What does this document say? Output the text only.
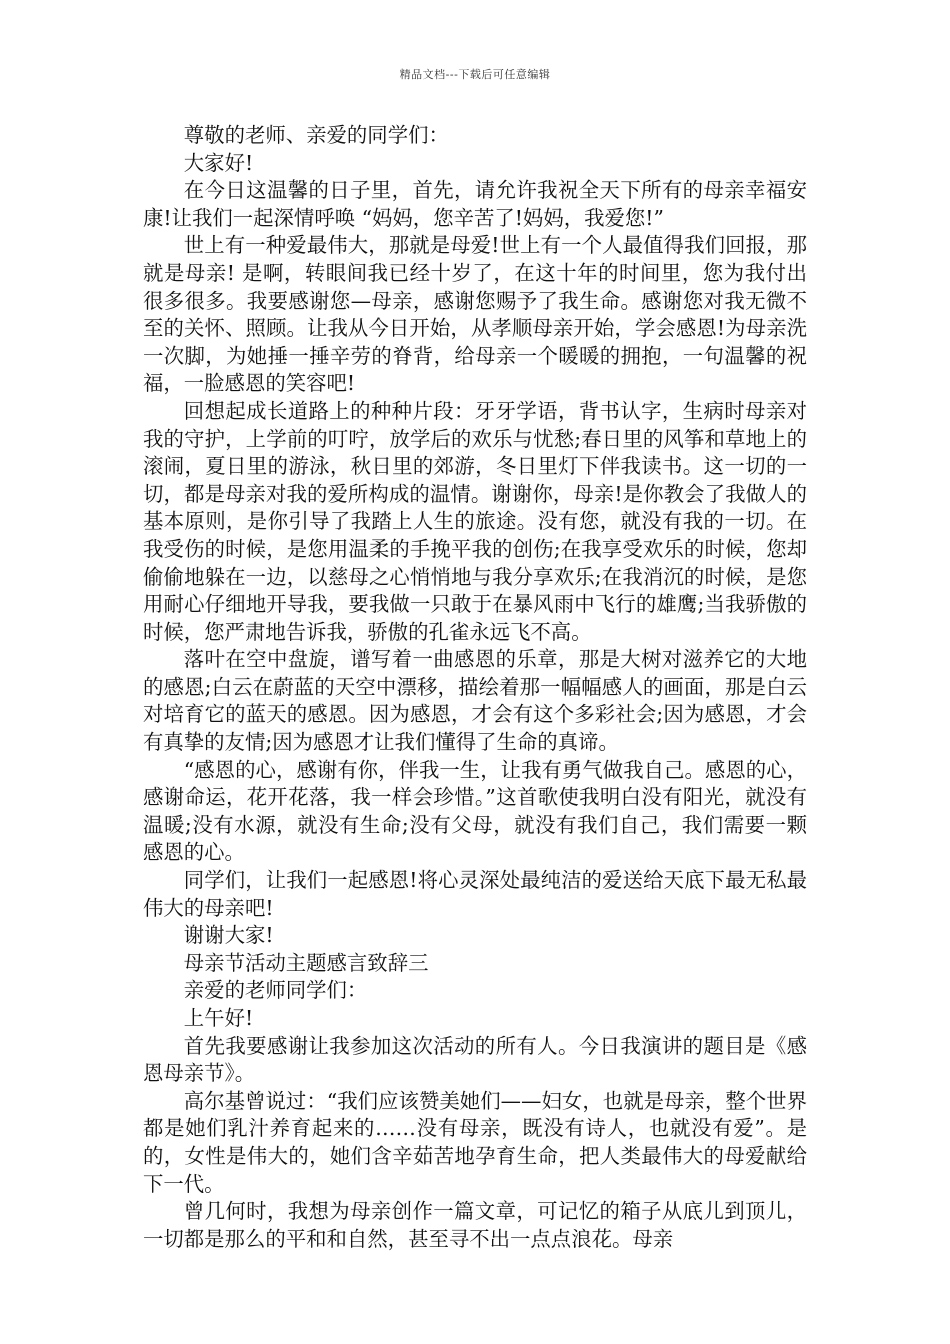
精品文档---下载后可任意编辑

尊敬的老师、亲爱的同学们：

大家好!

在今日这温馨的日子里，首先，请允许我祝全天下所有的母亲幸福安康!让我们一起深情呼唤 “妈妈，您辛苦了!妈妈，我爱您!”

世上有一种爱最伟大，那就是母爱!世上有一个人最值得我们回报，那就是母亲! 是啊，转眼间我已经十岁了，在这十年的时间里，您为我付出很多很多。我要感谢您—母亲，感谢您赐予了我生命。感谢您对我无微不至的关怀、照顾。让我从今日开始，从孝顺母亲开始，学会感恩!为母亲洗一次脚，为她捶一捶辛劳的脊背，给母亲一个暖暖的拥抱，一句温馨的祝福，一脸感恩的笑容吧!

回想起成长道路上的种种片段：牙牙学语，背书认字，生病时母亲对我的守护，上学前的叮咛，放学后的欢乐与忧愁;春日里的风筝和草地上的滚闹，夏日里的游泳，秋日里的郊游，冬日里灯下伴我读书。这一切的一切，都是母亲对我的爱所构成的温情。谢谢你，母亲!是你教会了我做人的基本原则，是你引导了我踏上人生的旅途。没有您，就没有我的一切。在我受伤的时候，是您用温柔的手挽平我的创伤;在我享受欢乐的时候，您却偷偷地躲在一边，以慈母之心悄悄地与我分享欢乐;在我消沉的时候，是您用耐心仔细地开导我，要我做一只敢于在暴风雨中飞行的雄鹰;当我骄傲的时候，您严肃地告诉我，骄傲的孔雀永远飞不高。

落叶在空中盘旋，谱写着一曲感恩的乐章，那是大树对滋养它的大地的感恩;白云在蔚蓝的天空中漂移，描绘着那一幅幅感人的画面，那是白云对培育它的蓝天的感恩。因为感恩，才会有这个多彩社会;因为感恩，才会有真挚的友情;因为感恩才让我们懂得了生命的真谛。

“感恩的心，感谢有你，伴我一生，让我有勇气做我自己。感恩的心，感谢命运，花开花落，我一样会珍惜。”这首歌使我明白没有阳光，就没有温暖;没有水源，就没有生命;没有父母，就没有我们自己，我们需要一颗感恩的心。

同学们，让我们一起感恩!将心灵深处最纯洁的爱送给天底下最无私最伟大的母亲吧!

谢谢大家!

母亲节活动主题感言致辞三

亲爱的老师同学们：

上午好!

首先我要感谢让我参加这次活动的所有人。今日我演讲的题目是《感恩母亲节》。

高尔基曾说过：“我们应该赞美她们——妇女，也就是母亲，整个世界都是她们乳汁养育起来的……没有母亲，既没有诗人，也就没有爱”。是的，女性是伟大的，她们含辛茹苦地孕育生命，把人类最伟大的母爱献给下一代。

曾几何时，我想为母亲创作一篇文章，可记忆的箱子从底儿到顶儿，一切都是那么的平和和自然，甚至寻不出一点点浪花。母亲
